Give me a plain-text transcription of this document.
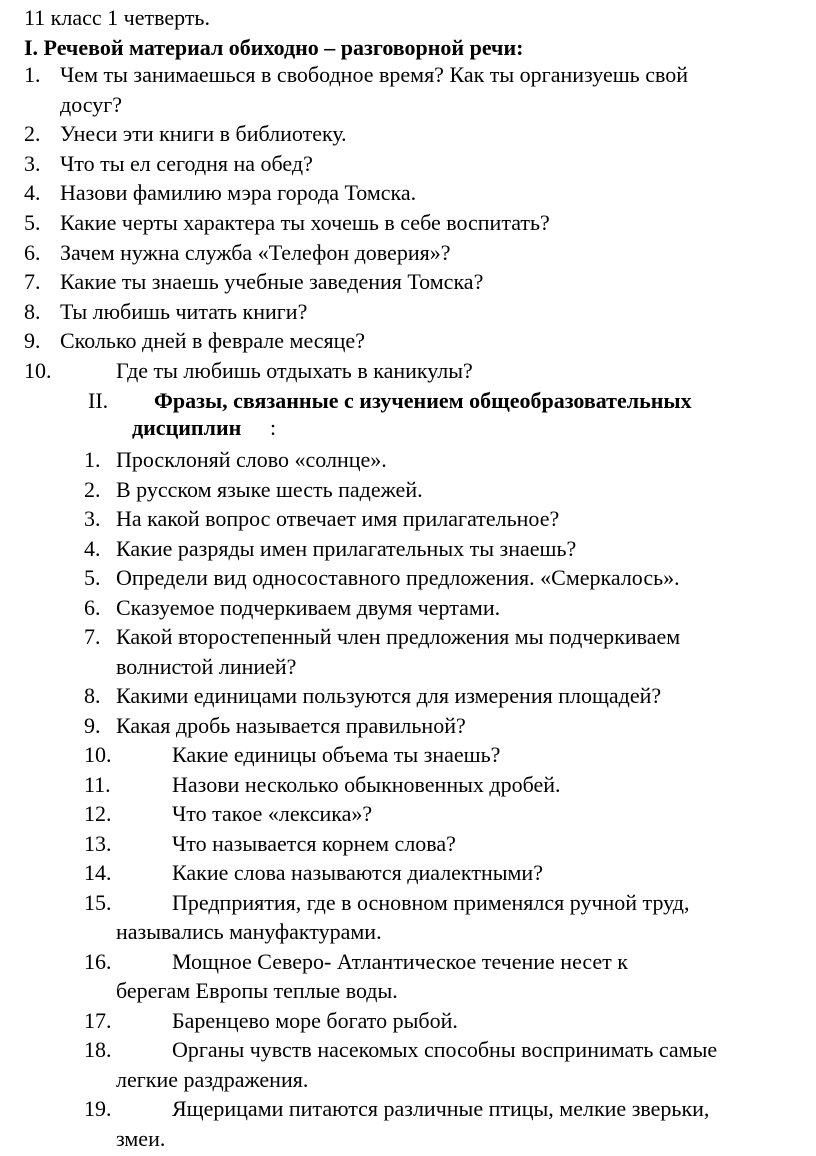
11 класс 1 четверть.
I. Речевой материал обиходно – разговорной речи:
1. Чем ты занимаешься в свободное время? Как ты организуешь свой
досуг?
2. Унеси эти книги в библиотеку.
3. Что ты ел сегодня на обед?
4. Назови фамилию мэра города Томска.
5. Какие черты характера ты хочешь в себе воспитать?
6. Зачем нужна служба «Телефон доверия»?
7. Какие ты знаешь учебные заведения Томска?
8. Ты любишь читать книги?
9. Сколько дней в феврале месяце?
10.	Где ты любишь отдыхать в каникулы?
II. Фразы, связанные с изучением общеобразовательных
дисциплин :
1. Просклоняй слово «солнце».
2. В русском языке шесть падежей.
3. На какой вопрос отвечает имя прилагательное?
4. Какие разряды имен прилагательных ты знаешь?
5. Определи вид односоставного предложения. «Смеркалось».
6. Сказуемое подчеркиваем двумя чертами.
7. Какой второстепенный член предложения мы подчеркиваем
волнистой линией?
8. Какими единицами пользуются для измерения площадей?
9. Какая дробь называется правильной?
10.	Какие единицы объема ты знаешь?
11.	Назови несколько обыкновенных дробей.
12.	Что такое «лексика»?
13.	Что называется корнем слова?
14.	Какие слова называются диалектными?
15.	Предприятия, где в основном применялся ручной труд,
назывались мануфактурами.
16.	Мощное Северо- Атлантическое течение несет к
берегам Европы теплые воды.
17.	Баренцево море богато рыбой.
18.	Органы чувств насекомых способны воспринимать самые
легкие раздражения.
19.	Ящерицами питаются различные птицы, мелкие зверьки,
змеи.
